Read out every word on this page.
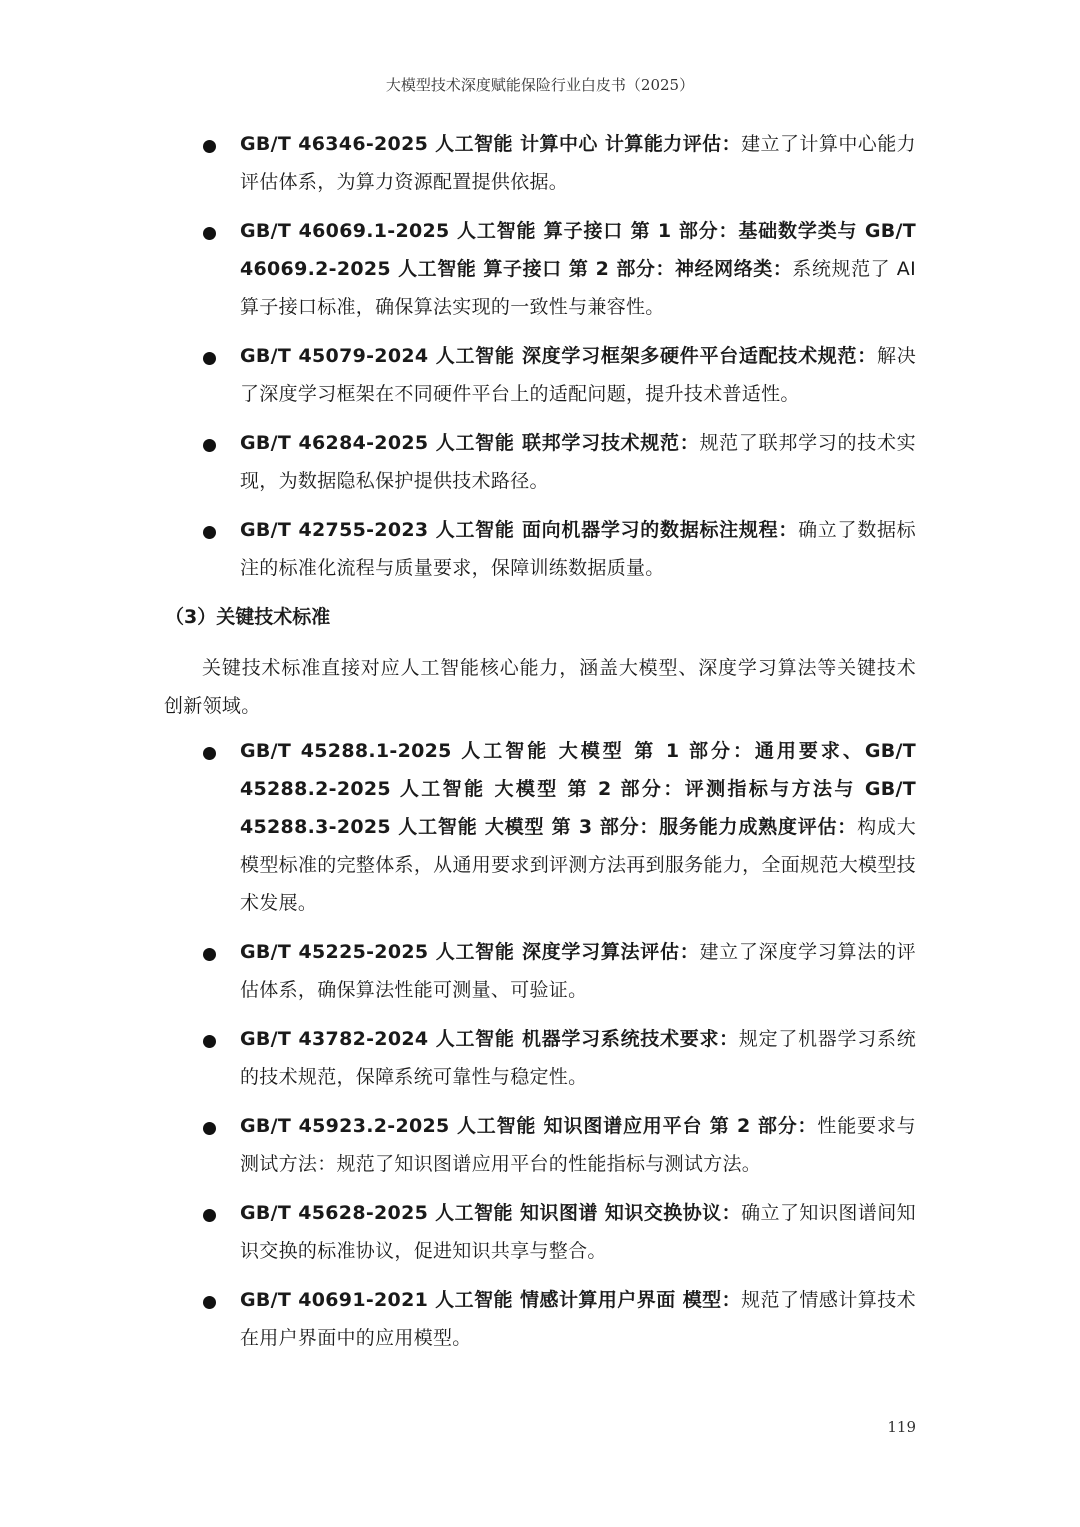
大模型技术深度赋能保险行业白皮书（2025）
GB/T 46346-2025 人工智能 计算中心 计算能力评估：建立了计算中心能力评估体系，为算力资源配置提供依据。
GB/T 46069.1-2025 人工智能 算子接口 第 1 部分：基础数学类与 GB/T 46069.2-2025 人工智能 算子接口 第 2 部分：神经网络类：系统规范了 AI 算子接口标准，确保算法实现的一致性与兼容性。
GB/T 45079-2024 人工智能 深度学习框架多硬件平台适配技术规范：解决了深度学习框架在不同硬件平台上的适配问题，提升技术普适性。
GB/T 46284-2025 人工智能 联邦学习技术规范：规范了联邦学习的技术实现，为数据隐私保护提供技术路径。
GB/T 42755-2023 人工智能 面向机器学习的数据标注规程：确立了数据标注的标准化流程与质量要求，保障训练数据质量。
（3）关键技术标准
关键技术标准直接对应人工智能核心能力，涵盖大模型、深度学习算法等关键技术创新领域。
GB/T 45288.1-2025 人工智能 大模型 第 1 部分：通用要求、GB/T 45288.2-2025 人工智能 大模型 第 2 部分：评测指标与方法与 GB/T 45288.3-2025 人工智能 大模型 第 3 部分：服务能力成熟度评估：构成大模型标准的完整体系，从通用要求到评测方法再到服务能力，全面规范大模型技术发展。
GB/T 45225-2025 人工智能 深度学习算法评估：建立了深度学习算法的评估体系，确保算法性能可测量、可验证。
GB/T 43782-2024 人工智能 机器学习系统技术要求：规定了机器学习系统的技术规范，保障系统可靠性与稳定性。
GB/T 45923.2-2025 人工智能 知识图谱应用平台 第 2 部分：性能要求与测试方法：规范了知识图谱应用平台的性能指标与测试方法。
GB/T 45628-2025 人工智能 知识图谱 知识交换协议：确立了知识图谱间知识交换的标准协议，促进知识共享与整合。
GB/T 40691-2021 人工智能 情感计算用户界面 模型：规范了情感计算技术在用户界面中的应用模型。
119
